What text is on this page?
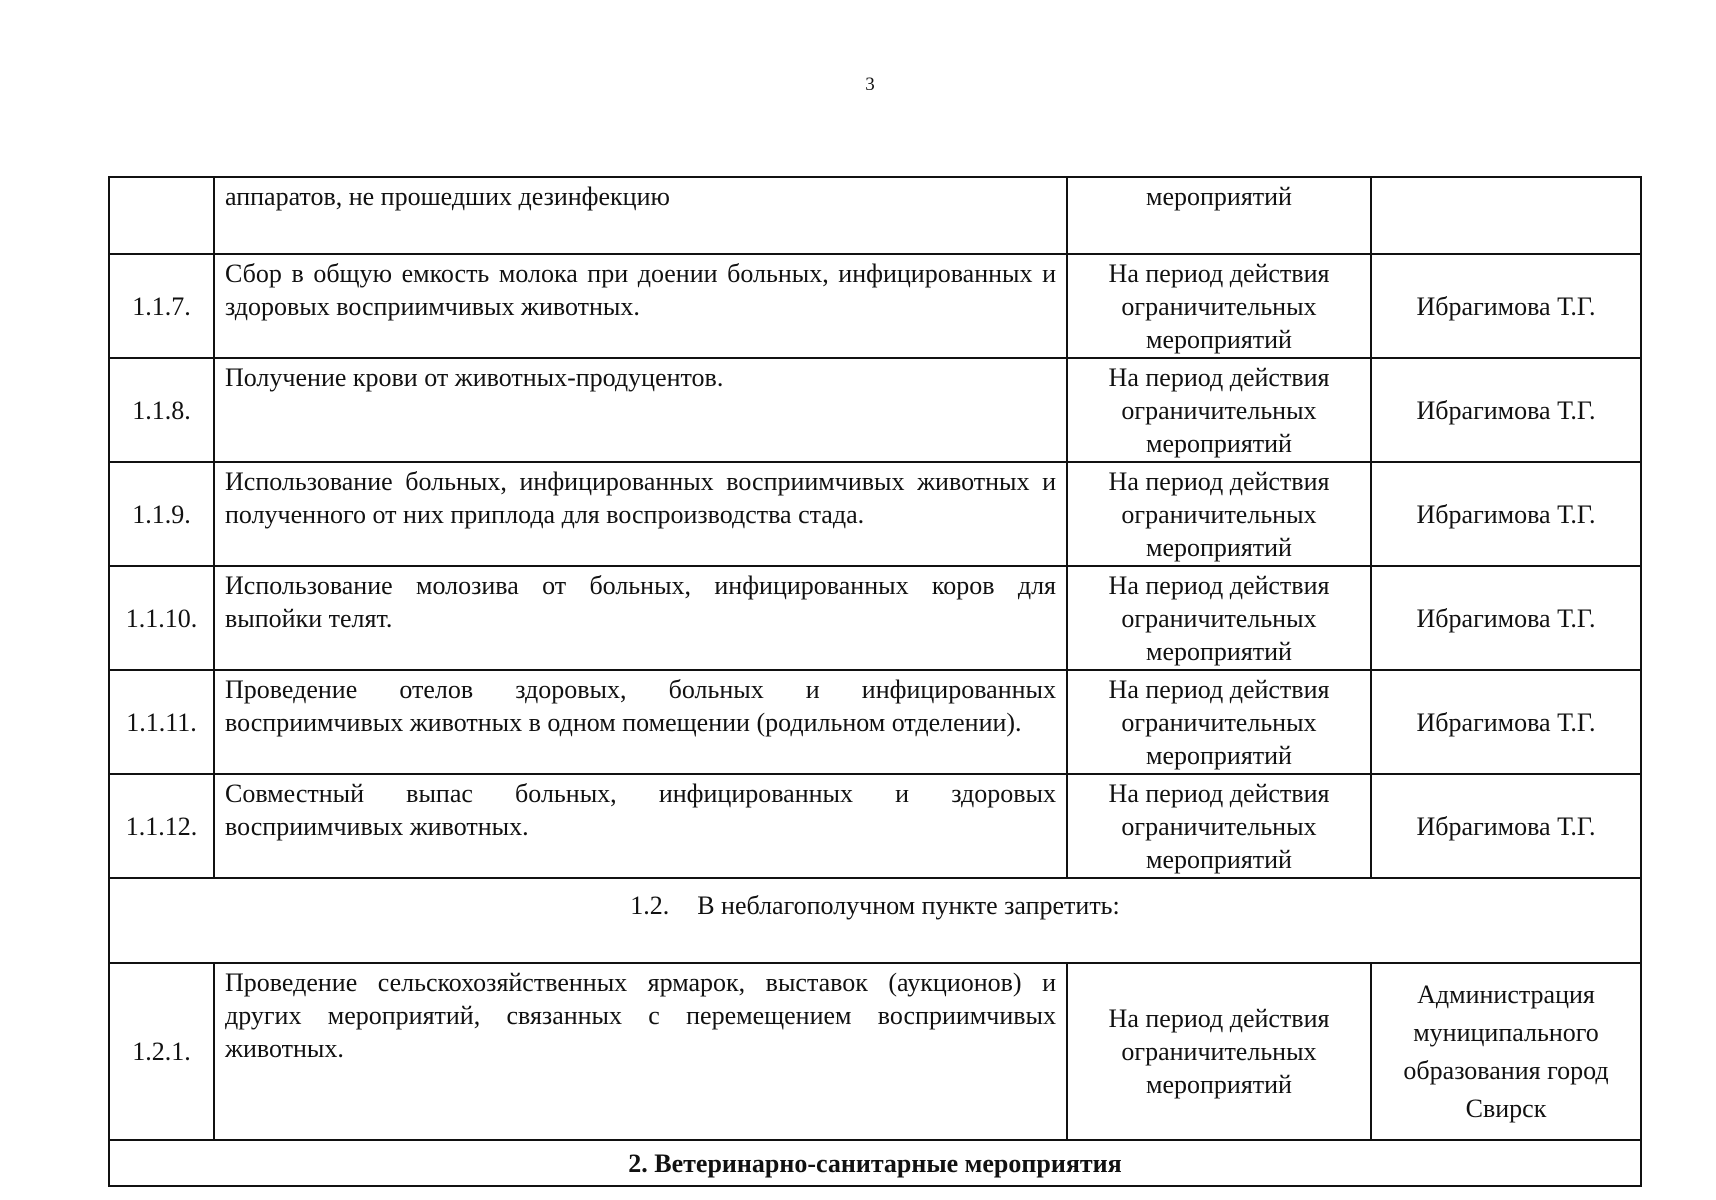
3
	аппаратов, не прошедших дезинфекцию	мероприятий	
1.1.7.	Сбор в общую емкость молока при доении больных, инфицированных и здоровых восприимчивых животных.	На период действия ограничительных мероприятий	Ибрагимова Т.Г.
1.1.8.	Получение крови от животных-продуцентов.	На период действия ограничительных мероприятий	Ибрагимова Т.Г.
1.1.9.	Использование больных, инфицированных восприимчивых животных и полученного от них приплода для воспроизводства стада.	На период действия ограничительных мероприятий	Ибрагимова Т.Г.
1.1.10.	Использование молозива от больных, инфицированных коров для выпойки телят.	На период действия ограничительных мероприятий	Ибрагимова Т.Г.
1.1.11.	Проведение отелов здоровых, больных и инфицированных восприимчивых животных в одном помещении (родильном отделении).	На период действия ограничительных мероприятий	Ибрагимова Т.Г.
1.1.12.	Совместный выпас больных, инфицированных и здоровых восприимчивых животных.	На период действия ограничительных мероприятий	Ибрагимова Т.Г.
1.2. В неблагополучном пункте запретить:			
1.2.1.	Проведение сельскохозяйственных ярмарок, выставок (аукционов) и других мероприятий, связанных с перемещением восприимчивых животных.	На период действия ограничительных мероприятий	Администрация муниципального образования город Свирск
2. Ветеринарно-санитарные мероприятия			
